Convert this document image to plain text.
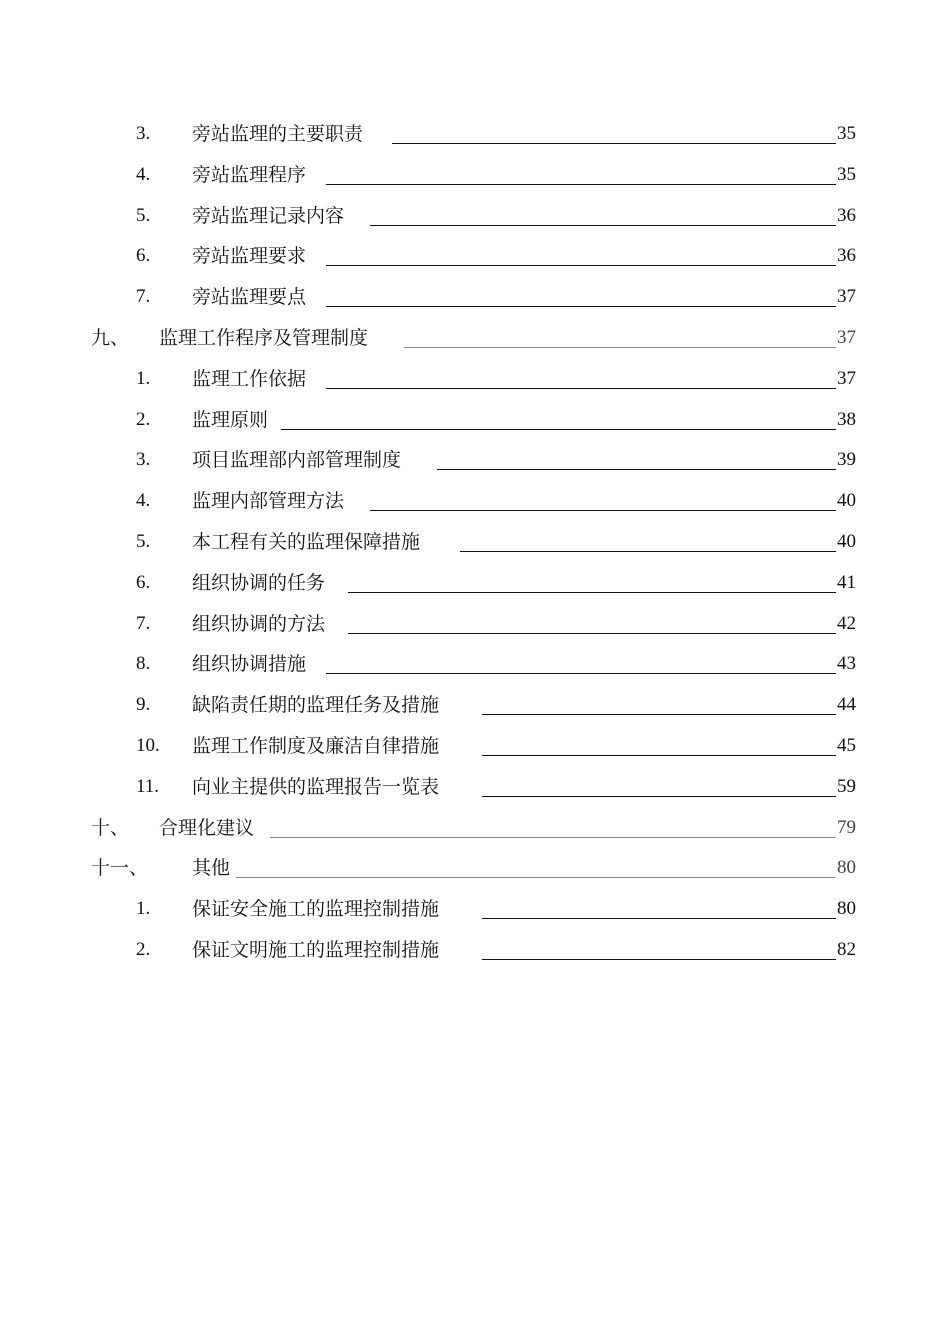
3. 旁站监理的主要职责	35
4. 旁站监理程序	35
5. 旁站监理记录内容	36
6. 旁站监理要求	36
7. 旁站监理要点	37
九、 监理工作程序及管理制度	37
1. 监理工作依据	37
2. 监理原则	38
3. 项目监理部内部管理制度	39
4. 监理内部管理方法	40
5. 本工程有关的监理保障措施	40
6. 组织协调的任务	41
7. 组织协调的方法	42
8. 组织协调措施	43
9. 缺陷责任期的监理任务及措施	44
10. 监理工作制度及廉洁自律措施	45
11. 向业主提供的监理报告一览表	59
十、 合理化建议	79
十一、 其他	80
1. 保证安全施工的监理控制措施	80
2. 保证文明施工的监理控制措施	82
